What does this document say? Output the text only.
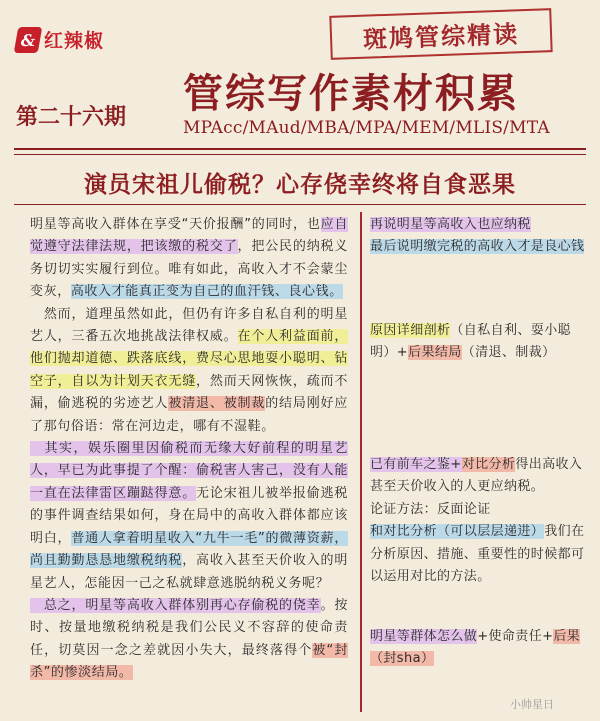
& 红辣椒	斑鸠管综精读
管综写作素材积累
第二十六期	MPAcc/MAud/MBA/MPA/MEM/MLIS/MTA
演员宋祖儿偷税？心存侥幸终将自食恶果

明星等高收入群体在享受“天价报酬”的同时，也应自觉遵守法律法规，把该缴的税交了，把公民的纳税义务切切实实履行到位。唯有如此，高收入才不会蒙尘变灰，高收入才能真正变为自己的血汗钱、良心钱。

　然而，道理虽然如此，但仍有许多自私自利的明星艺人，三番五次地挑战法律权威。在个人利益面前，他们抛却道德、跌落底线，费尽心思地耍小聪明、钻空子，自以为计划天衣无缝，然而天网恢恢，疏而不漏，偷逃税的劣迹艺人被清退、被制裁的结局刚好应了那句俗语：常在河边走，哪有不湿鞋。

　其实，娱乐圈里因偷税而无缘大好前程的明星艺人，早已为此事提了个醒：偷税害人害己，没有人能一直在法律雷区蹦跶得意。无论宋祖儿被举报偷逃税的事件调查结果如何，身在局中的高收入群体都应该明白，普通人拿着明星收入“九牛一毛”的微薄资薪，尚且勤勤恳恳地缴税纳税，高收入甚至天价收入的明星艺人，怎能因一己之私就肆意逃脱纳税义务呢？

　总之，明星等高收入群体别再心存偷税的侥幸。按时、按量地缴税纳税是我们公民义不容辞的使命责任，切莫因一念之差就因小失大，最终落得个被“封杀”的惨淡结局。

再说明星等高收入也应纳税
最后说明缴完税的高收入才是良心钱
原因详细剖析（自私自利、耍小聪明）+后果结局（清退、制裁）
已有前车之鉴+对比分析得出高收入甚至天价收入的人更应纳税。
论证方法：反面论证
和对比分析（可以层层递进）我们在分析原因、措施、重要性的时候都可以运用对比的方法。
明星等群体怎么做+使命责任+后果（封sha）
小帅星日
